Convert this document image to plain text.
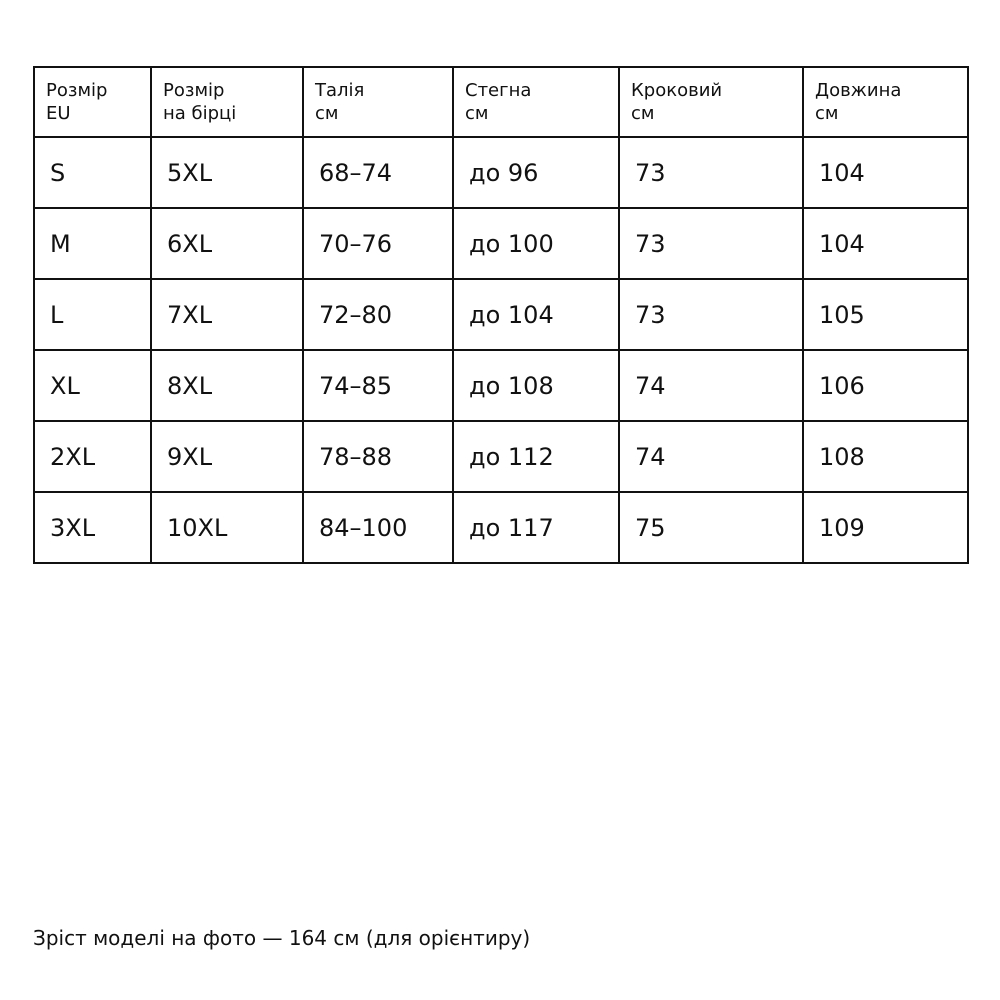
Розмір
EU

Розмір
на бірці

Талія
см

Стегна
см

Кроковий
см

Довжина
см

S	5XL	68–74	до 96	73	104
M	6XL	70–76	до 100	73	104
L	7XL	72–80	до 104	73	105
XL	8XL	74–85	до 108	74	106
2XL	9XL	78–88	до 112	74	108
3XL	10XL	84–100	до 117	75	109
Зріст моделі на фото — 164 см (для орієнтиру)
